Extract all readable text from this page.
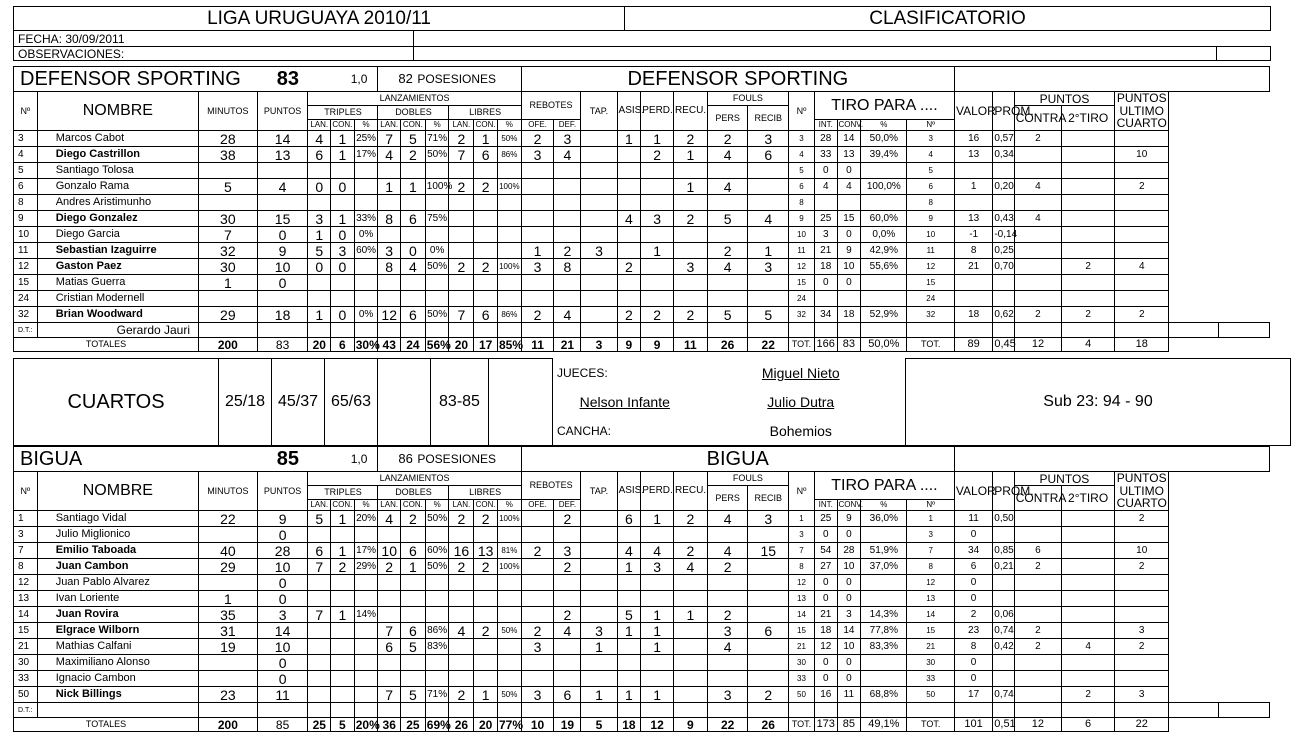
LIGA URUGUAYA 2010/11		CLASIFICATORIO	
FECHA: 30/09/2011			
OBSERVACIONES:			
DEFENSOR SPORTING 83				1,0			82 POSESIONES						DEFENSOR SPORTING																			
Nº	NOMBRE	MINUTOS	PUNTOS	LANZAMIENTOS									REBOTES		TAP.	ASIS.	PERD.	RECU.	FOULS		Nº	TIRO PARA ....				VALOR	PROM.	PUNTOS		PUNTOS
ULTIMO
CUARTO		
				TRIPLES			DOBLES			LIBRES									PERS	RECIB								CONTRA	2°TIRO			
				LAN.	CON.	%	LAN.	CON.	%	LAN.	CON.	%	OFE.	DEF.								INT.	CONV.	%	Nº							
3	Marcos Cabot	28	14	4	1	25%	7	5	71%	2	1	50%	2	3		1	1	2	2	3	3	28	14	50,0%	3	16	0,57	2				
4	Diego Castrillon	38	13	6	1	17%	4	2	50%	7	6	86%	3	4			2	1	4	6	4	33	13	39,4%	4	13	0,34			10		
5	Santiago Tolosa																				5	0	0		5							
6	Gonzalo Rama	5	4	0	0		1	1	100%	2	2	100%						1	4		6	4	4	100,0%	6	1	0,20	4		2		
8	Andres Aristimunho																				8				8							
9	Diego Gonzalez	30	15	3	1	33%	8	6	75%							4	3	2	5	4	9	25	15	60,0%	9	13	0,43	4				
10	Diego Garcia	7	0	1	0	0%															10	3	0	0,0%	10	-1	-0,14					
11	Sebastian Izaguirre	32	9	5	3	60%	3	0	0%				1	2	3		1		2	1	11	21	9	42,9%	11	8	0,25					
12	Gaston Paez	30	10	0	0		8	4	50%	2	2	100%	3	8		2		3	4	3	12	18	10	55,6%	12	21	0,70		2	4		
15	Matias Guerra	1	0																		15	0	0		15							
24	Cristian Modernell																				24				24							
32	Brian Woodward	29	18	1	0	0%	12	6	50%	7	6	86%	2	4		2	2	2	5	5	32	34	18	52,9%	32	18	0,62	2	2	2		
D.T.:	Gerardo Jauri																															
TOTALES		200	83	20	6	30%	43	24	56%	20	17	85%	11	21	3	9	9	11	26	22	TOT.	166	83	50,0%	TOT.	89	0,45	12	4	18		
CUARTOS	25/18	45/37	65/63		83-85		JUECES:	Miguel Nieto	Sub 23: 94 - 90
							Nelson Infante	Julio Dutra	
							CANCHA:	Bohemios	
BIGUA 85				1,0			86 POSESIONES						BIGUA																			
Nº	NOMBRE	MINUTOS	PUNTOS	LANZAMIENTOS									REBOTES		TAP.	ASIS.	PERD.	RECU.	FOULS		Nº	TIRO PARA ....				VALOR	PROM.	PUNTOS		PUNTOS
ULTIMO
CUARTO		
				TRIPLES			DOBLES			LIBRES									PERS	RECIB								CONTRA	2°TIRO			
				LAN.	CON.	%	LAN.	CON.	%	LAN.	CON.	%	OFE.	DEF.								INT.	CONV.	%	Nº							
1	Santiago Vidal	22	9	5	1	20%	4	2	50%	2	2	100%		2		6	1	2	4	3	1	25	9	36,0%	1	11	0,50			2		
3	Julio Miglionico		0																		3	0	0		3	0						
7	Emilio Taboada	40	28	6	1	17%	10	6	60%	16	13	81%	2	3		4	4	2	4	15	7	54	28	51,9%	7	34	0,85	6		10		
8	Juan Cambon	29	10	7	2	29%	2	1	50%	2	2	100%		2		1	3	4	2		8	27	10	37,0%	8	6	0,21	2		2		
12	Juan Pablo Alvarez		0																		12	0	0		12	0						
13	Ivan Loriente	1	0																		13	0	0		13	0						
14	Juan Rovira	35	3	7	1	14%								2		5	1	1	2		14	21	3	14,3%	14	2	0,06					
15	Elgrace Wilborn	31	14				7	6	86%	4	2	50%	2	4	3	1	1		3	6	15	18	14	77,8%	15	23	0,74	2		3		
21	Mathias Calfani	19	10				6	5	83%				3		1		1		4		21	12	10	83,3%	21	8	0,42	2	4	2		
30	Maximiliano Alonso		0																		30	0	0		30	0						
33	Ignacio Cambon		0																		33	0	0		33	0						
50	Nick Billings	23	11				7	5	71%	2	1	50%	3	6	1	1	1		3	2	50	16	11	68,8%	50	17	0,74		2	3		
D.T.:																																
TOTALES		200	85	25	5	20%	36	25	69%	26	20	77%	10	19	5	18	12	9	22	26	TOT.	173	85	49,1%	TOT.	101	0,51	12	6	22		
